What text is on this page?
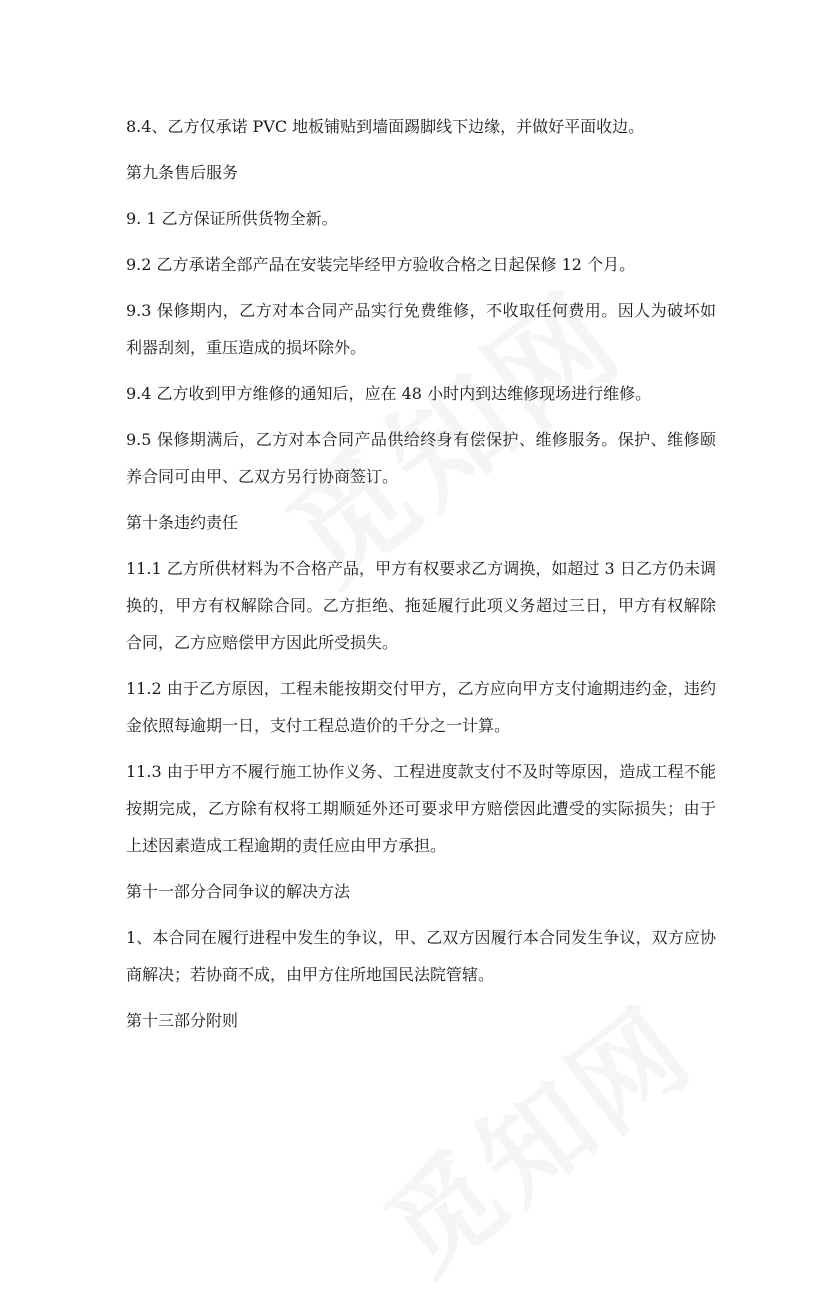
8.4、乙方仅承诺 PVC 地板铺贴到墙面踢脚线下边缘，并做好平面收边。

第九条售后服务

9. 1 乙方保证所供货物全新。

9.2 乙方承诺全部产品在安装完毕经甲方验收合格之日起保修 12 个月。

9.3 保修期内，乙方对本合同产品实行免费维修，不收取任何费用。因人为破坏如利器刮刻，重压造成的损坏除外。

9.4 乙方收到甲方维修的通知后，应在 48 小时内到达维修现场进行维修。

9.5 保修期满后，乙方对本合同产品供给终身有偿保护、维修服务。保护、维修颐养合同可由甲、乙双方另行协商签订。

第十条违约责任

11.1 乙方所供材料为不合格产品，甲方有权要求乙方调换，如超过 3 日乙方仍未调换的，甲方有权解除合同。乙方拒绝、拖延履行此项义务超过三日，甲方有权解除合同，乙方应赔偿甲方因此所受损失。

11.2 由于乙方原因，工程未能按期交付甲方，乙方应向甲方支付逾期违约金，违约金依照每逾期一日，支付工程总造价的千分之一计算。

11.3 由于甲方不履行施工协作义务、工程进度款支付不及时等原因，造成工程不能按期完成，乙方除有权将工期顺延外还可要求甲方赔偿因此遭受的实际损失；由于上述因素造成工程逾期的责任应由甲方承担。

第十一部分合同争议的解决方法

1、本合同在履行进程中发生的争议，甲、乙双方因履行本合同发生争议，双方应协商解决；若协商不成，由甲方住所地国民法院管辖。

第十三部分附则
